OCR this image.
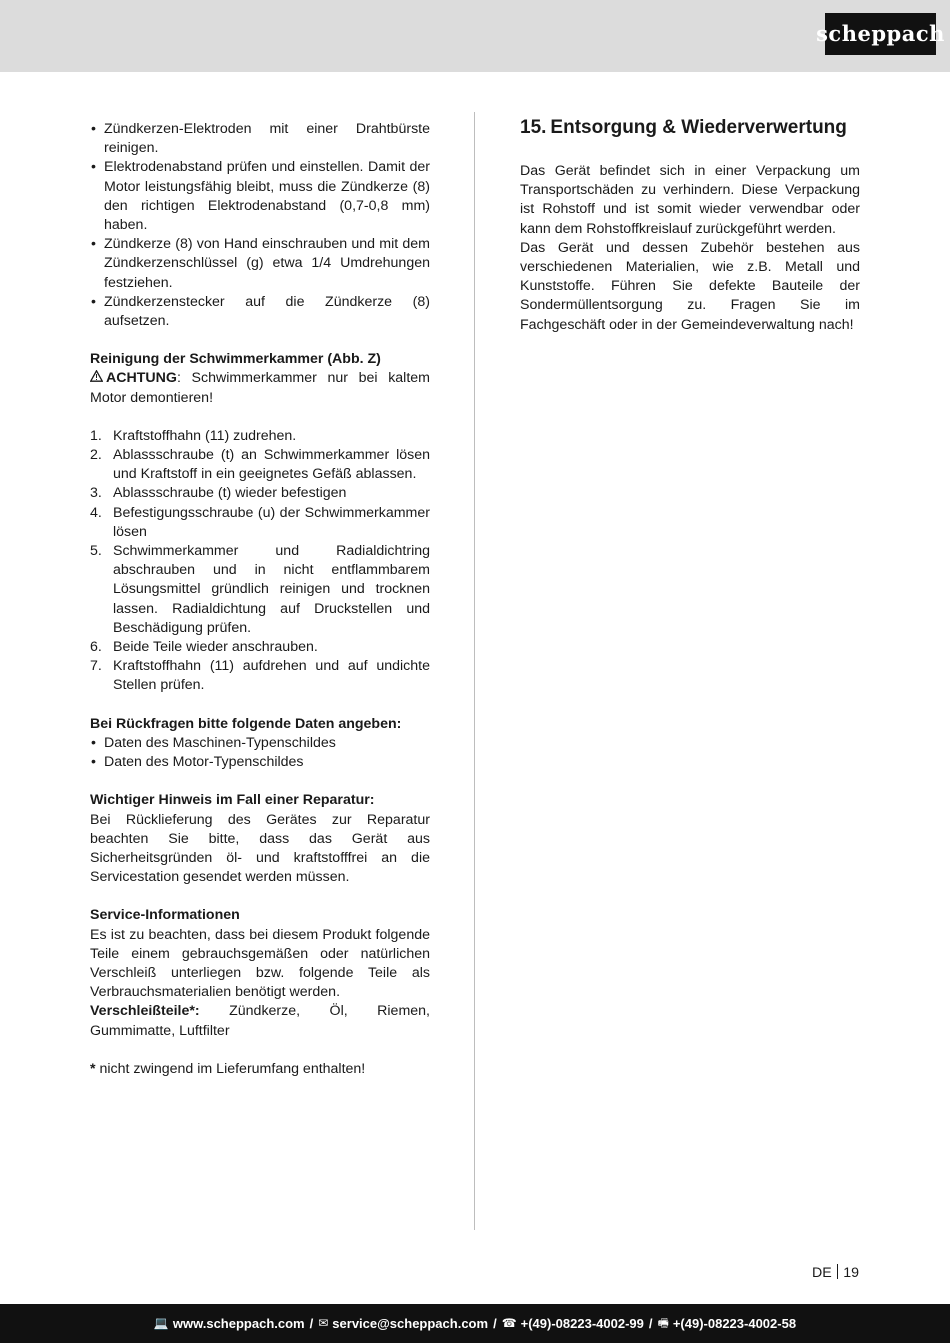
scheppach
• Zündkerzen-Elektroden mit einer Drahtbürste reinigen.
• Elektrodenabstand prüfen und einstellen. Damit der Motor leistungsfähig bleibt, muss die Zündkerze (8) den richtigen Elektrodenabstand (0,7-0,8 mm) haben.
• Zündkerze (8) von Hand einschrauben und mit dem Zündkerzenschlüssel (g) etwa 1/4 Umdrehungen festziehen.
• Zündkerzenstecker auf die Zündkerze (8) aufsetzen.

Reinigung der Schwimmerkammer (Abb. Z)

ACHTUNG: Schwimmerkammer nur bei kaltem Motor demontieren!

1. Kraftstoffhahn (11) zudrehen.
2. Ablassschraube (t) an Schwimmerkammer lösen und Kraftstoff in ein geeignetes Gefäß ablassen.
3. Ablassschraube (t) wieder befestigen
4. Befestigungsschraube (u) der Schwimmerkammer lösen
5. Schwimmerkammer und Radialdichtring abschrauben und in nicht entflammbarem Lösungsmittel gründlich reinigen und trocknen lassen. Radialdichtung auf Druckstellen und Beschädigung prüfen.
6. Beide Teile wieder anschrauben.
7. Kraftstoffhahn (11) aufdrehen und auf undichte Stellen prüfen.

Bei Rückfragen bitte folgende Daten angeben:

• Daten des Maschinen-Typenschildes
• Daten des Motor-Typenschildes

Wichtiger Hinweis im Fall einer Reparatur:

Bei Rücklieferung des Gerätes zur Reparatur beachten Sie bitte, dass das Gerät aus Sicherheitsgründen öl- und kraftstofffrei an die Servicestation gesendet werden müssen.

Service-Informationen

Es ist zu beachten, dass bei diesem Produkt folgende Teile einem gebrauchsgemäßen oder natürlichen Verschleiß unterliegen bzw. folgende Teile als Verbrauchsmaterialien benötigt werden.

Verschleißteile*: Zündkerze, Öl, Riemen, Gummimatte, Luftfilter

* nicht zwingend im Lieferumfang enthalten!

15. Entsorgung & Wiederverwertung

Das Gerät befindet sich in einer Verpackung um Transportschäden zu verhindern. Diese Verpackung ist Rohstoff und ist somit wieder verwendbar oder kann dem Rohstoffkreislauf zurückgeführt werden.

Das Gerät und dessen Zubehör bestehen aus verschiedenen Materialien, wie z.B. Metall und Kunststoffe. Führen Sie defekte Bauteile der Sondermüllentsorgung zu. Fragen Sie im Fachgeschäft oder in der Gemeindeverwaltung nach!

DE 19
💻 www.scheppach.com / ✉ service@scheppach.com / ☎ +(49)-08223-4002-99 / 🖷 +(49)-08223-4002-58
